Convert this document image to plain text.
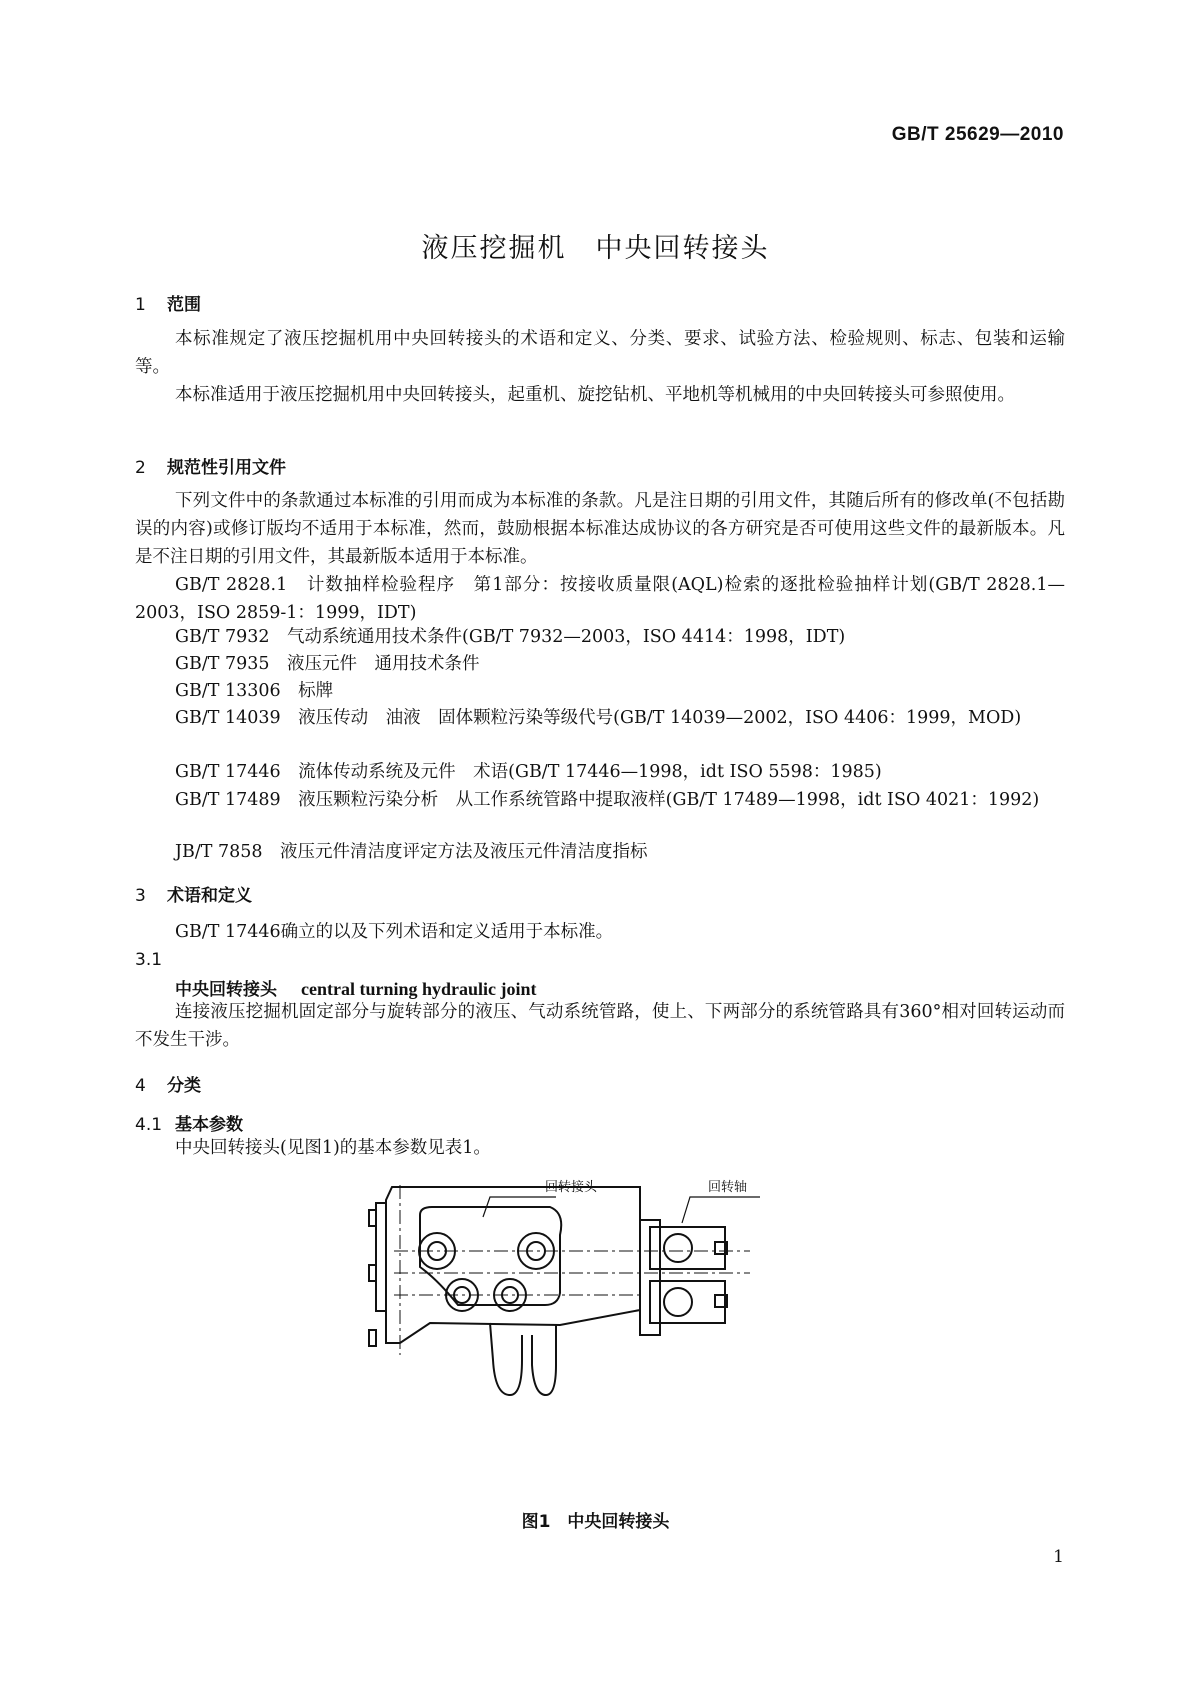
GB/T 25629—2010
液压挖掘机　中央回转接头
1 范围
本标准规定了液压挖掘机用中央回转接头的术语和定义、分类、要求、试验方法、检验规则、标志、包装和运输等。
本标准适用于液压挖掘机用中央回转接头，起重机、旋挖钻机、平地机等机械用的中央回转接头可参照使用。
2 规范性引用文件
下列文件中的条款通过本标准的引用而成为本标准的条款。凡是注日期的引用文件，其随后所有的修改单(不包括勘误的内容)或修订版均不适用于本标准，然而，鼓励根据本标准达成协议的各方研究是否可使用这些文件的最新版本。凡是不注日期的引用文件，其最新版本适用于本标准。
GB/T 2828.1　计数抽样检验程序　第1部分：按接收质量限(AQL)检索的逐批检验抽样计划(GB/T 2828.1—2003，ISO 2859-1：1999，IDT)
GB/T 7932　气动系统通用技术条件(GB/T 7932—2003，ISO 4414：1998，IDT)
GB/T 7935　液压元件　通用技术条件
GB/T 13306　标牌
GB/T 14039　液压传动　油液　固体颗粒污染等级代号(GB/T 14039—2002，ISO 4406：1999，MOD)
GB/T 17446　流体传动系统及元件　术语(GB/T 17446—1998，idt ISO 5598：1985)
GB/T 17489　液压颗粒污染分析　从工作系统管路中提取液样(GB/T 17489—1998，idt ISO 4021：1992)
JB/T 7858　液压元件清洁度评定方法及液压元件清洁度指标
3 术语和定义
GB/T 17446确立的以及下列术语和定义适用于本标准。
3.1
中央回转接头 central turning hydraulic joint
连接液压挖掘机固定部分与旋转部分的液压、气动系统管路，使上、下两部分的系统管路具有360°相对回转运动而不发生干涉。
4 分类
4.1 基本参数
中央回转接头(见图1)的基本参数见表1。
回转接头	回转轴
图1　中央回转接头
1
